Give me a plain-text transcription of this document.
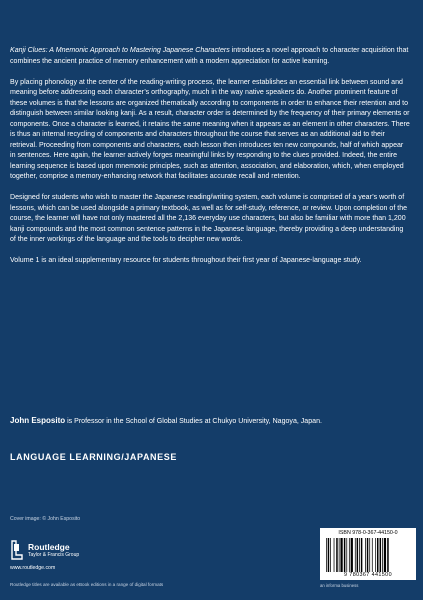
Kanji Clues: A Mnemonic Approach to Mastering Japanese Characters introduces a novel approach to character acquisition that combines the ancient practice of memory enhancement with a modern appreciation for active learning.

By placing phonology at the center of the reading-writing process, the learner establishes an essential link between sound and meaning before addressing each character’s orthography, much in the way native speakers do. Another prominent feature of these volumes is that the lessons are organized thematically according to components in order to enhance their retention and to distinguish between similar looking kanji. As a result, character order is determined by the frequency of their primary elements or components. Once a character is learned, it retains the same meaning when it appears as an element in other characters. There is thus an internal recycling of components and characters throughout the course that serves as an additional aid to their retrieval. Proceeding from components and characters, each lesson then introduces ten new compounds, half of which appear in sentences. Here again, the learner actively forges meaningful links by responding to the clues provided. Indeed, the entire learning sequence is based upon mnemonic principles, such as attention, association, and elaboration, which, when employed together, comprise a memory-enhancing network that facilitates accurate recall and retention.

Designed for students who wish to master the Japanese reading/writing system, each volume is comprised of a year’s worth of lessons, which can be used alongside a primary textbook, as well as for self-study, reference, or review. Upon completion of the course, the learner will have not only mastered all the 2,136 everyday use characters, but also be familiar with more than 1,200 kanji compounds and the most common sentence patterns in the Japanese language, thereby providing a deep understanding of the inner workings of the language and the tools to decipher new words.

Volume 1 is an ideal supplementary resource for students throughout their first year of Japanese-language study.

John Esposito is Professor in the School of Global Studies at Chukyo University, Nagoya, Japan.
LANGUAGE LEARNING/JAPANESE
Cover image: © John Esposito
Routledge
Taylor & Francis Group
www.routledge.com
Routledge titles are available as eBook editions in a range of digital formats
ISBN 978-0-367-44150-0
9 780367 441500
an informa business
